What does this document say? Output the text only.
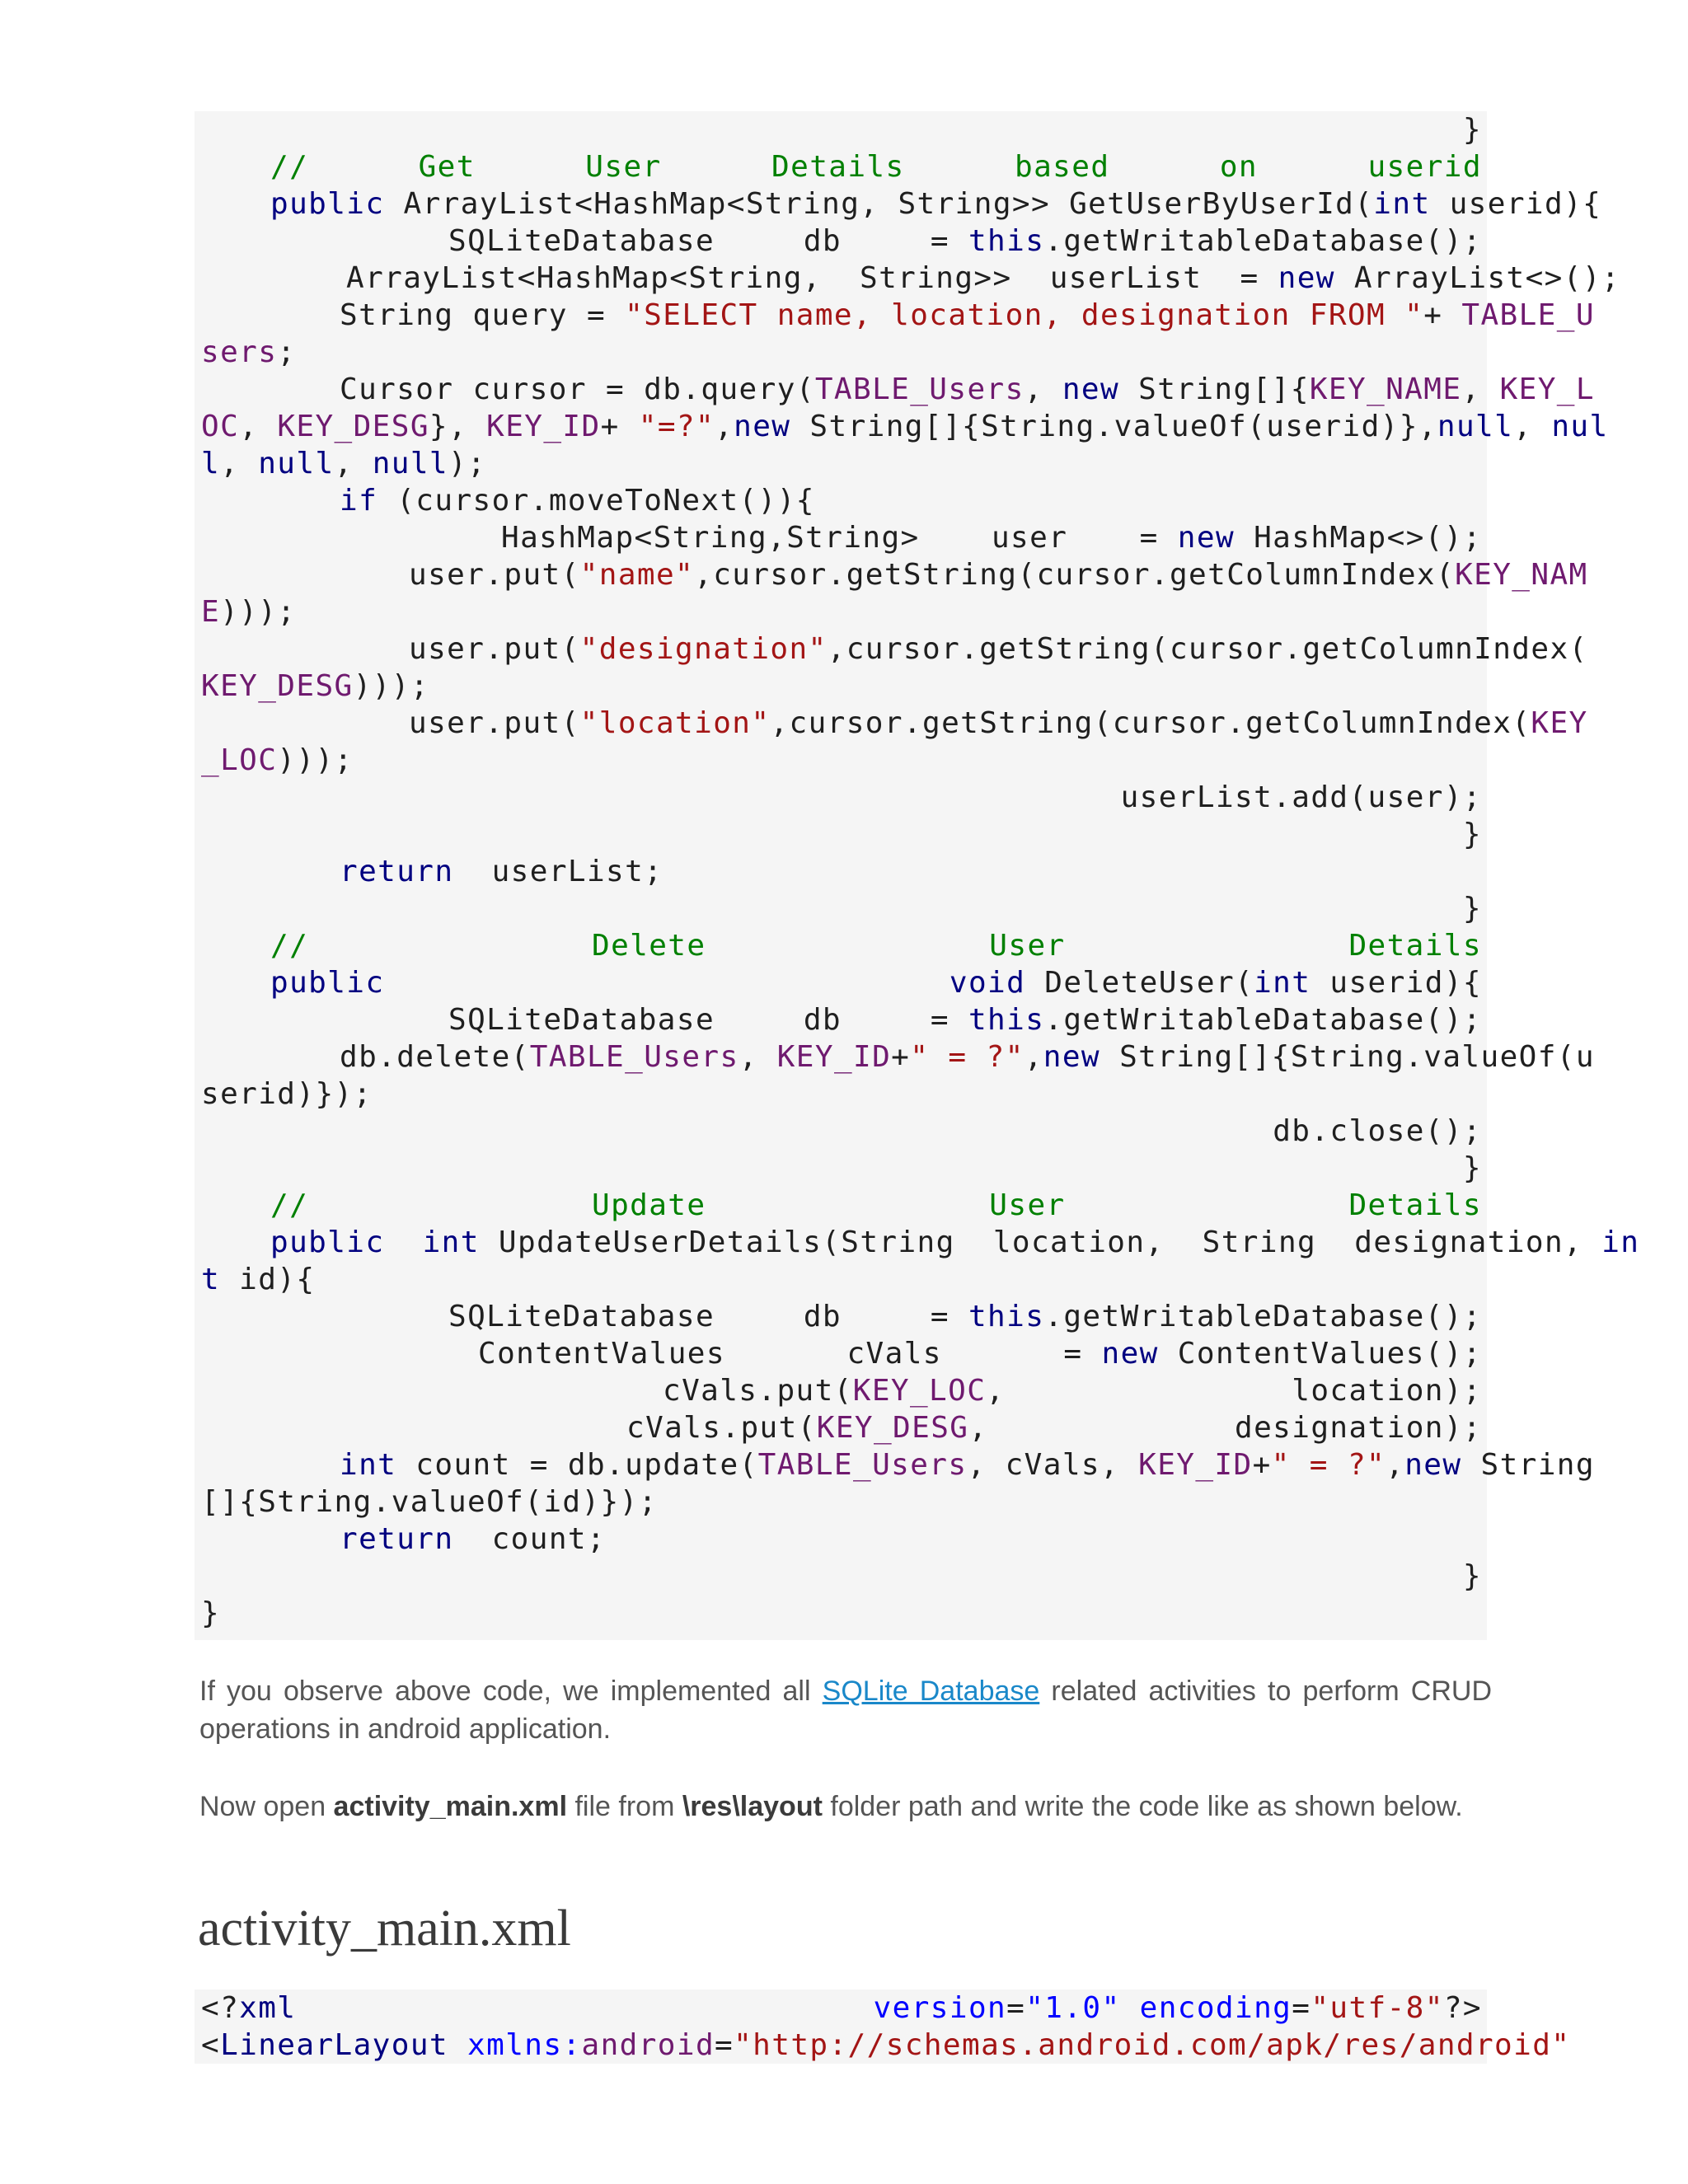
}
//	Get	User	Details	based	on	userid
public ArrayList<HashMap<String, String>> GetUserByUserId(int userid){
SQLiteDatabase	db	= this.getWritableDatabase();
ArrayList<HashMap<String,  String>>  userList  = new ArrayList<>();
String query = "SELECT name, location, designation FROM "+ TABLE_U
sers;
Cursor cursor = db.query(TABLE_Users, new String[]{KEY_NAME, KEY_L
OC, KEY_DESG}, KEY_ID+ "=?",new String[]{String.valueOf(userid)},null, nul
l, null, null);
if (cursor.moveToNext()){
HashMap<String,String> user = new HashMap<>();
user.put("name",cursor.getString(cursor.getColumnIndex(KEY_NAM
E)));
user.put("designation",cursor.getString(cursor.getColumnIndex(
KEY_DESG)));
user.put("location",cursor.getString(cursor.getColumnIndex(KEY
_LOC)));
userList.add(user);
}
return  userList;
}
//	Delete	User	Details
public	void DeleteUser(int userid){
SQLiteDatabase	db	= this.getWritableDatabase();
db.delete(TABLE_Users, KEY_ID+" = ?",new String[]{String.valueOf(u
serid)});
db.close();
}
//	Update	User	Details
public int UpdateUserDetails(String  location,  String  designation, in
t id){
SQLiteDatabase	db	= this.getWritableDatabase();
ContentValues	cVals	= new ContentValues();
cVals.put(KEY_LOC,	location);
cVals.put(KEY_DESG,	designation);
int count = db.update(TABLE_Users, cVals, KEY_ID+" = ?",new String
[]{String.valueOf(id)});
return  count;
}
}

If you observe above code, we implemented all SQLite Database related activities to perform CRUD operations in android application.

Now open activity_main.xml file from \res\layout folder path and write the code like as shown below.

activity_main.xml
<?xml	version="1.0" encoding="utf-8"?>
<LinearLayout xmlns:android="http://schemas.android.com/apk/res/android"
